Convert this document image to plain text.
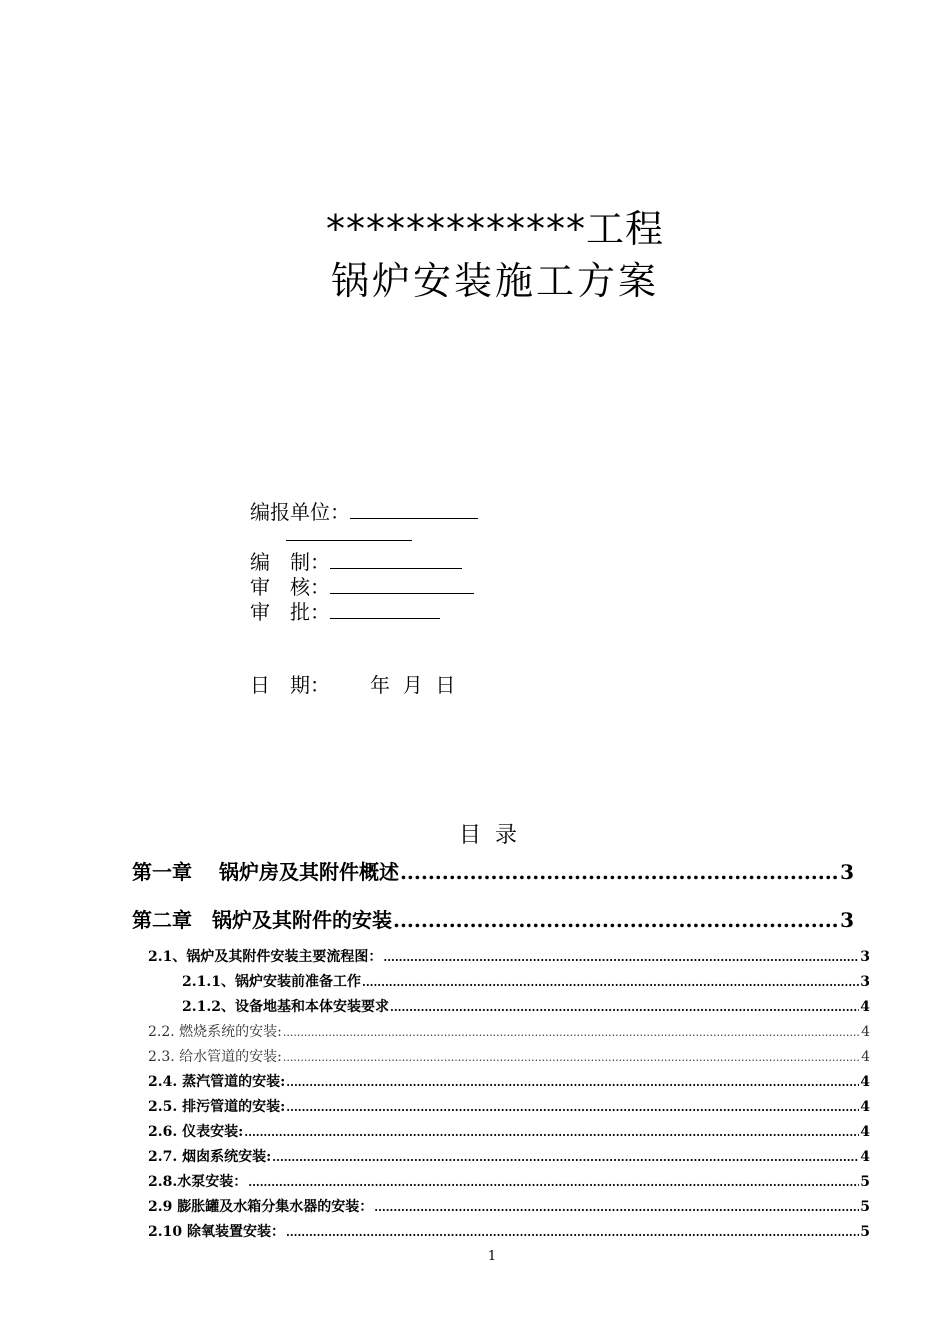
*************工程
锅炉安装施工方案
编报单位：
编　制：
审　核：
审　批：
日　期： 年  月  日
目录
第一章　 锅炉房及其附件概述 .....	3
第二章　锅炉及其附件的安装 .....	3
2.1、锅炉及其附件安装主要流程图： .....	3
2.1.1、锅炉安装前准备工作 .....	3
2.1.2、设备地基和本体安装要求 .....	4
2.2. 燃烧系统的安装: .....	4
2.3. 给水管道的安装: .....	4
2.4. 蒸汽管道的安装: .....	4
2.5. 排污管道的安装: .....	4
2.6. 仪表安装: .....	4
2.7. 烟囱系统安装: .....	4
2.8.水泵安装： .....	5
2.9 膨胀罐及水箱分集水器的安装： .....	5
2.10 除氧装置安装： .....	5
1
